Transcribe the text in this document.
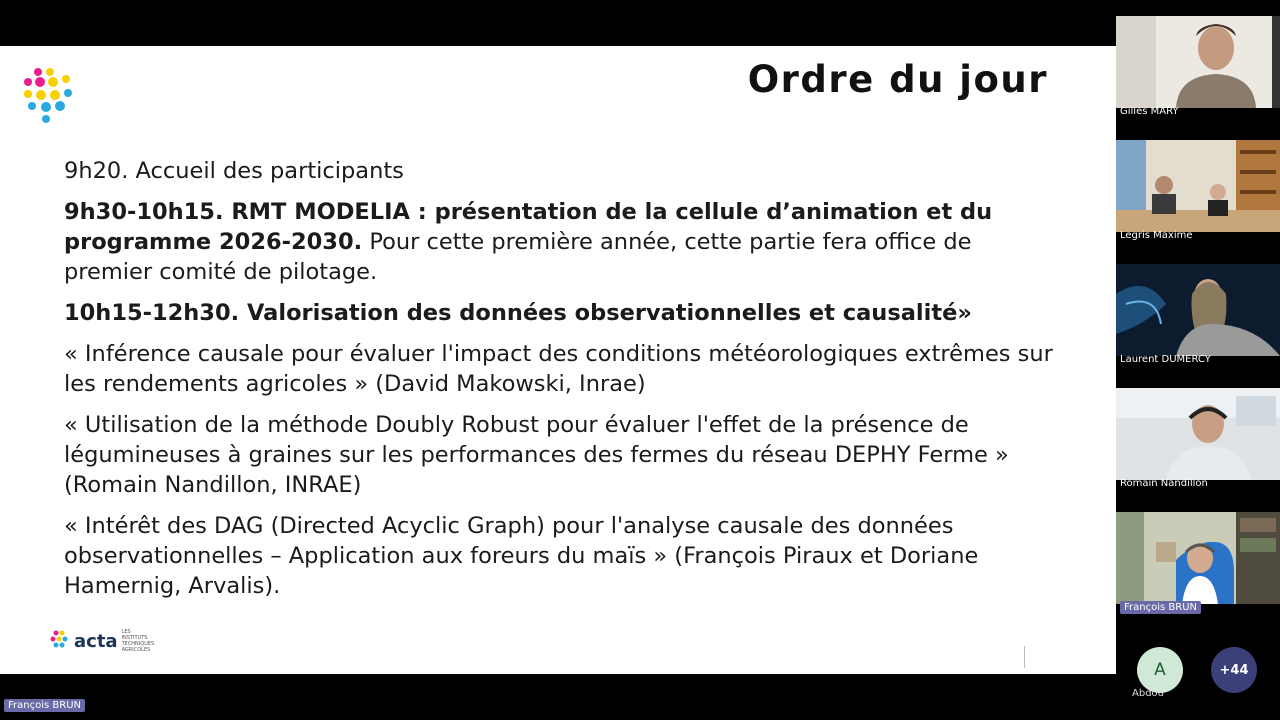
Ordre du jour

9h20. Accueil des participants

9h30-10h15. RMT MODELIA : présentation de la cellule d’animation et du programme 2026-2030. Pour cette première année, cette partie fera office de premier comité de pilotage.

10h15-12h30. Valorisation des données observationnelles et causalité»

« Inférence causale pour évaluer l'impact des conditions météorologiques extrêmes sur les rendements agricoles » (David Makowski, Inrae)

« Utilisation de la méthode Doubly Robust pour évaluer l'effet de la présence de légumineuses à graines sur les performances des fermes du réseau DEPHY Ferme » (Romain Nandillon, INRAE)

« Intérêt des DAG (Directed Acyclic Graph) pour l'analyse causale des données observationnelles – Application aux foreurs du maïs » (François Piraux et Doriane Hamernig, Arvalis).

acta LES INSTITUTS TECHNIQUES AGRICOLES
François BRUN
Gilles MARY
Legris Maxime
Laurent DUMERCY
Romain Nandillon
François BRUN
A
Abdou
+44
